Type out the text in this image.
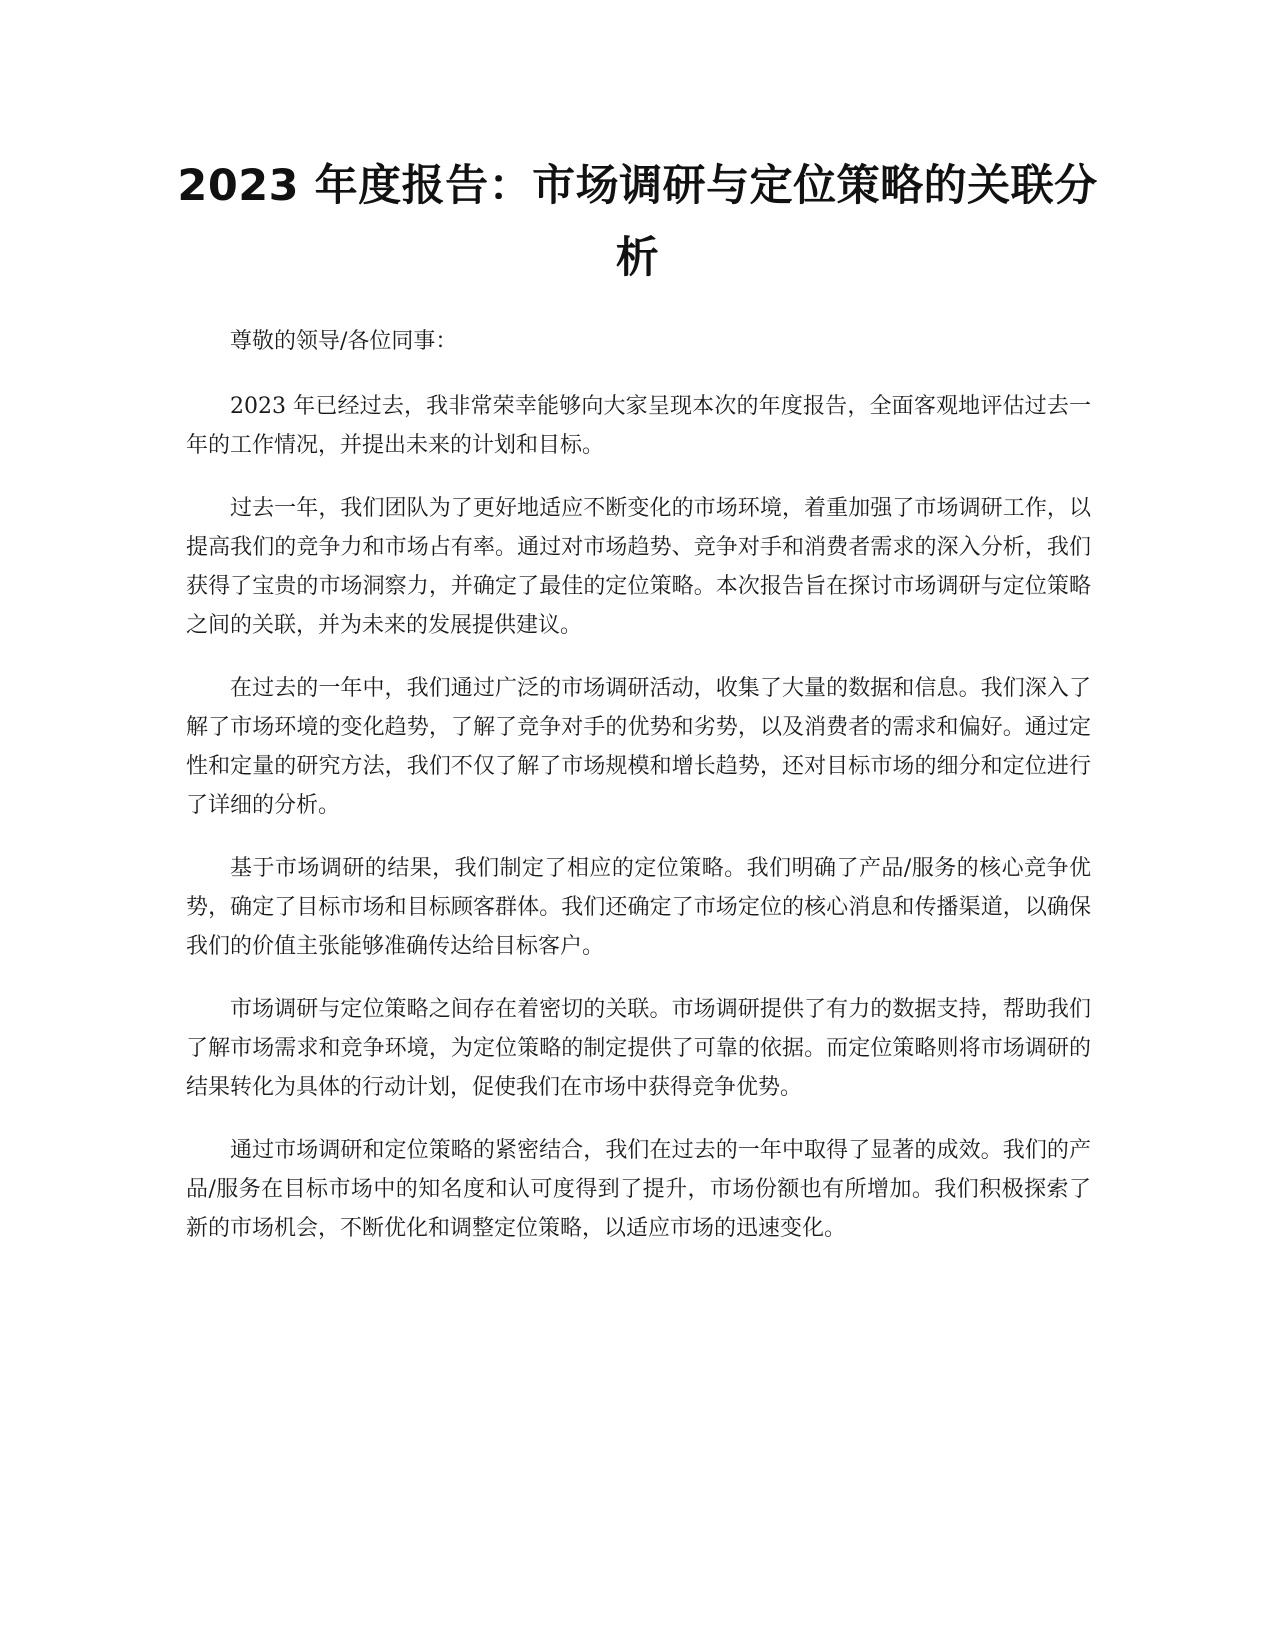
2023 年度报告：市场调研与定位策略的关联分析

尊敬的领导/各位同事：

2023 年已经过去，我非常荣幸能够向大家呈现本次的年度报告，全面客观地评估过去一年的工作情况，并提出未来的计划和目标。

过去一年，我们团队为了更好地适应不断变化的市场环境，着重加强了市场调研工作，以提高我们的竞争力和市场占有率。通过对市场趋势、竞争对手和消费者需求的深入分析，我们获得了宝贵的市场洞察力，并确定了最佳的定位策略。本次报告旨在探讨市场调研与定位策略之间的关联，并为未来的发展提供建议。

在过去的一年中，我们通过广泛的市场调研活动，收集了大量的数据和信息。我们深入了解了市场环境的变化趋势，了解了竞争对手的优势和劣势，以及消费者的需求和偏好。通过定性和定量的研究方法，我们不仅了解了市场规模和增长趋势，还对目标市场的细分和定位进行了详细的分析。

基于市场调研的结果，我们制定了相应的定位策略。我们明确了产品/服务的核心竞争优势，确定了目标市场和目标顾客群体。我们还确定了市场定位的核心消息和传播渠道，以确保我们的价值主张能够准确传达给目标客户。

市场调研与定位策略之间存在着密切的关联。市场调研提供了有力的数据支持，帮助我们了解市场需求和竞争环境，为定位策略的制定提供了可靠的依据。而定位策略则将市场调研的结果转化为具体的行动计划，促使我们在市场中获得竞争优势。

通过市场调研和定位策略的紧密结合，我们在过去的一年中取得了显著的成效。我们的产品/服务在目标市场中的知名度和认可度得到了提升，市场份额也有所增加。我们积极探索了新的市场机会，不断优化和调整定位策略，以适应市场的迅速变化。
